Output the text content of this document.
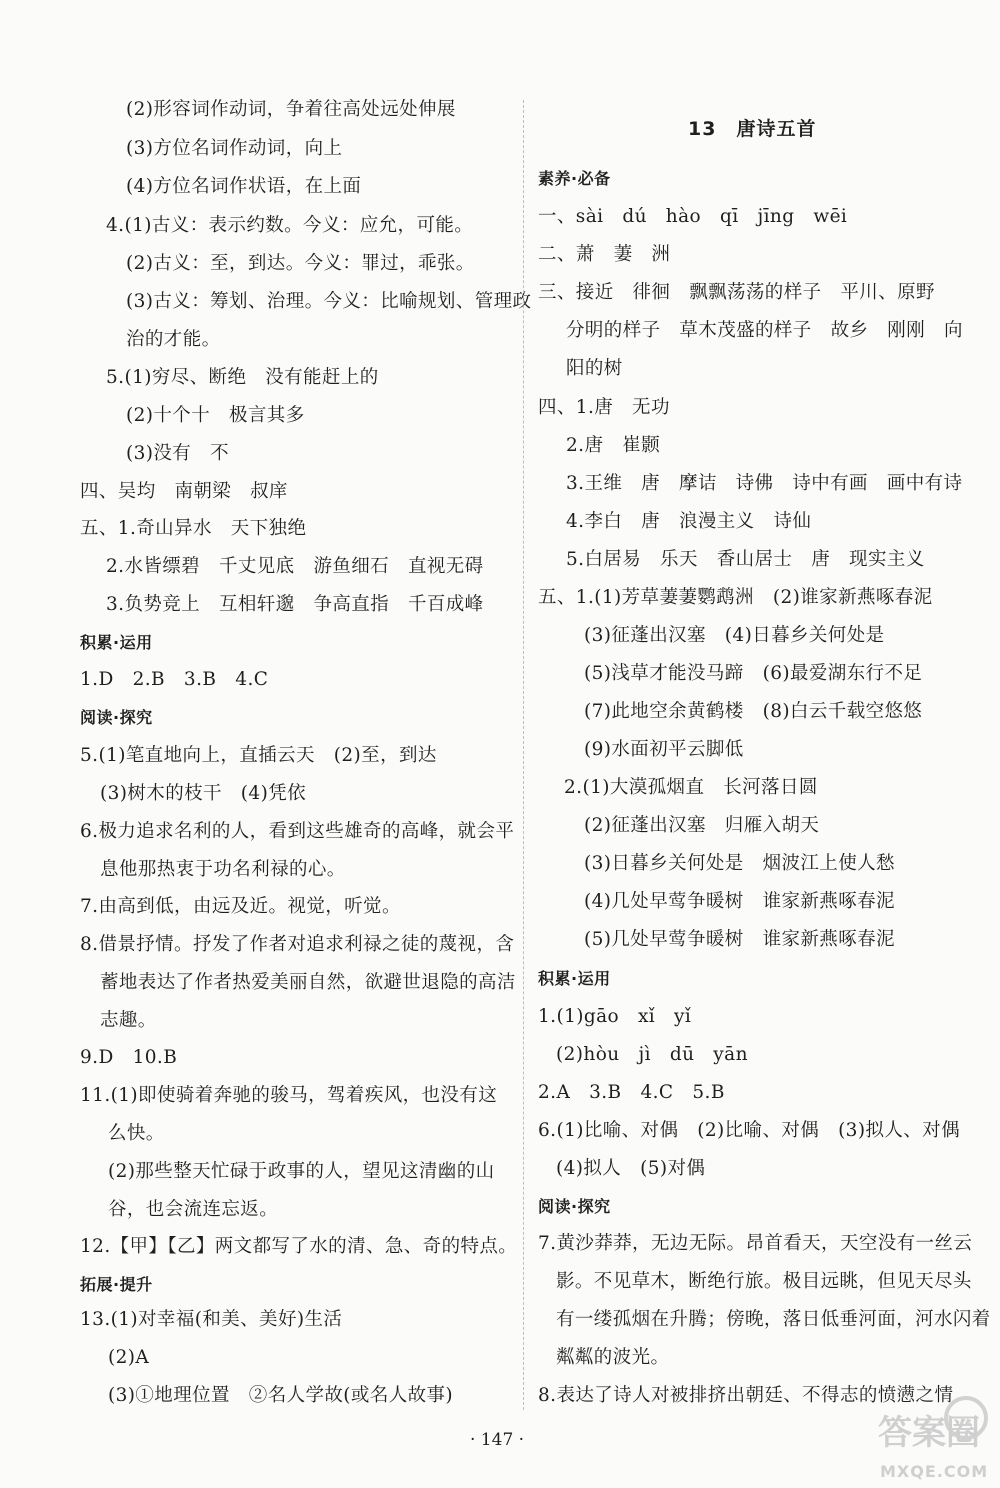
(2)形容词作动词，争着往高处远处伸展
(3)方位名词作动词，向上
(4)方位名词作状语，在上面
4.(1)古义：表示约数。今义：应允，可能。
(2)古义：至，到达。今义：罪过，乖张。
(3)古义：筹划、治理。今义：比喻规划、管理政
治的才能。
5.(1)穷尽、断绝　没有能赶上的
(2)十个十　极言其多
(3)没有　不
四、吴均　南朝梁　叔庠
五、1.奇山异水　天下独绝
2.水皆缥碧　千丈见底　游鱼细石　直视无碍
3.负势竞上　互相轩邈　争高直指　千百成峰
积累·运用
1.D　2.B　3.B　4.C
阅读·探究
5.(1)笔直地向上，直插云天　(2)至，到达
(3)树木的枝干　(4)凭依
6.极力追求名利的人，看到这些雄奇的高峰，就会平
息他那热衷于功名利禄的心。
7.由高到低，由远及近。视觉，听觉。
8.借景抒情。抒发了作者对追求利禄之徒的蔑视，含
蓄地表达了作者热爱美丽自然，欲避世退隐的高洁
志趣。
9.D　10.B
11.(1)即使骑着奔驰的骏马，驾着疾风，也没有这
么快。
(2)那些整天忙碌于政事的人，望见这清幽的山
谷，也会流连忘返。
12.【甲】【乙】两文都写了水的清、急、奇的特点。
拓展·提升
13.(1)对幸福(和美、美好)生活
(2)A
(3)①地理位置　②名人学故(或名人故事)
13　唐诗五首
素养·必备
一、sài　dú　hào　qī　jīng　wēi
二、萧　萋　洲
三、接近　徘徊　飘飘荡荡的样子　平川、原野
分明的样子　草木茂盛的样子　故乡　刚刚　向
阳的树
四、1.唐　无功
2.唐　崔颢
3.王维　唐　摩诘　诗佛　诗中有画　画中有诗
4.李白　唐　浪漫主义　诗仙
5.白居易　乐天　香山居士　唐　现实主义
五、1.(1)芳草萋萋鹦鹉洲　(2)谁家新燕啄春泥
(3)征蓬出汉塞　(4)日暮乡关何处是
(5)浅草才能没马蹄　(6)最爱湖东行不足
(7)此地空余黄鹤楼　(8)白云千载空悠悠
(9)水面初平云脚低
2.(1)大漠孤烟直　长河落日圆
(2)征蓬出汉塞　归雁入胡天
(3)日暮乡关何处是　烟波江上使人愁
(4)几处早莺争暖树　谁家新燕啄春泥
(5)几处早莺争暖树　谁家新燕啄春泥
积累·运用
1.(1)gāo　xǐ　yǐ
(2)hòu　jì　dū　yān
2.A　3.B　4.C　5.B
6.(1)比喻、对偶　(2)比喻、对偶　(3)拟人、对偶
(4)拟人　(5)对偶
阅读·探究
7.黄沙莽莽，无边无际。昂首看天，天空没有一丝云
影。不见草木，断绝行旅。极目远眺，但见天尽头
有一缕孤烟在升腾；傍晚，落日低垂河面，河水闪着
粼粼的波光。
8.表达了诗人对被排挤出朝廷、不得志的愤懑之情
· 147 ·	答案圈
MXQE.COM
